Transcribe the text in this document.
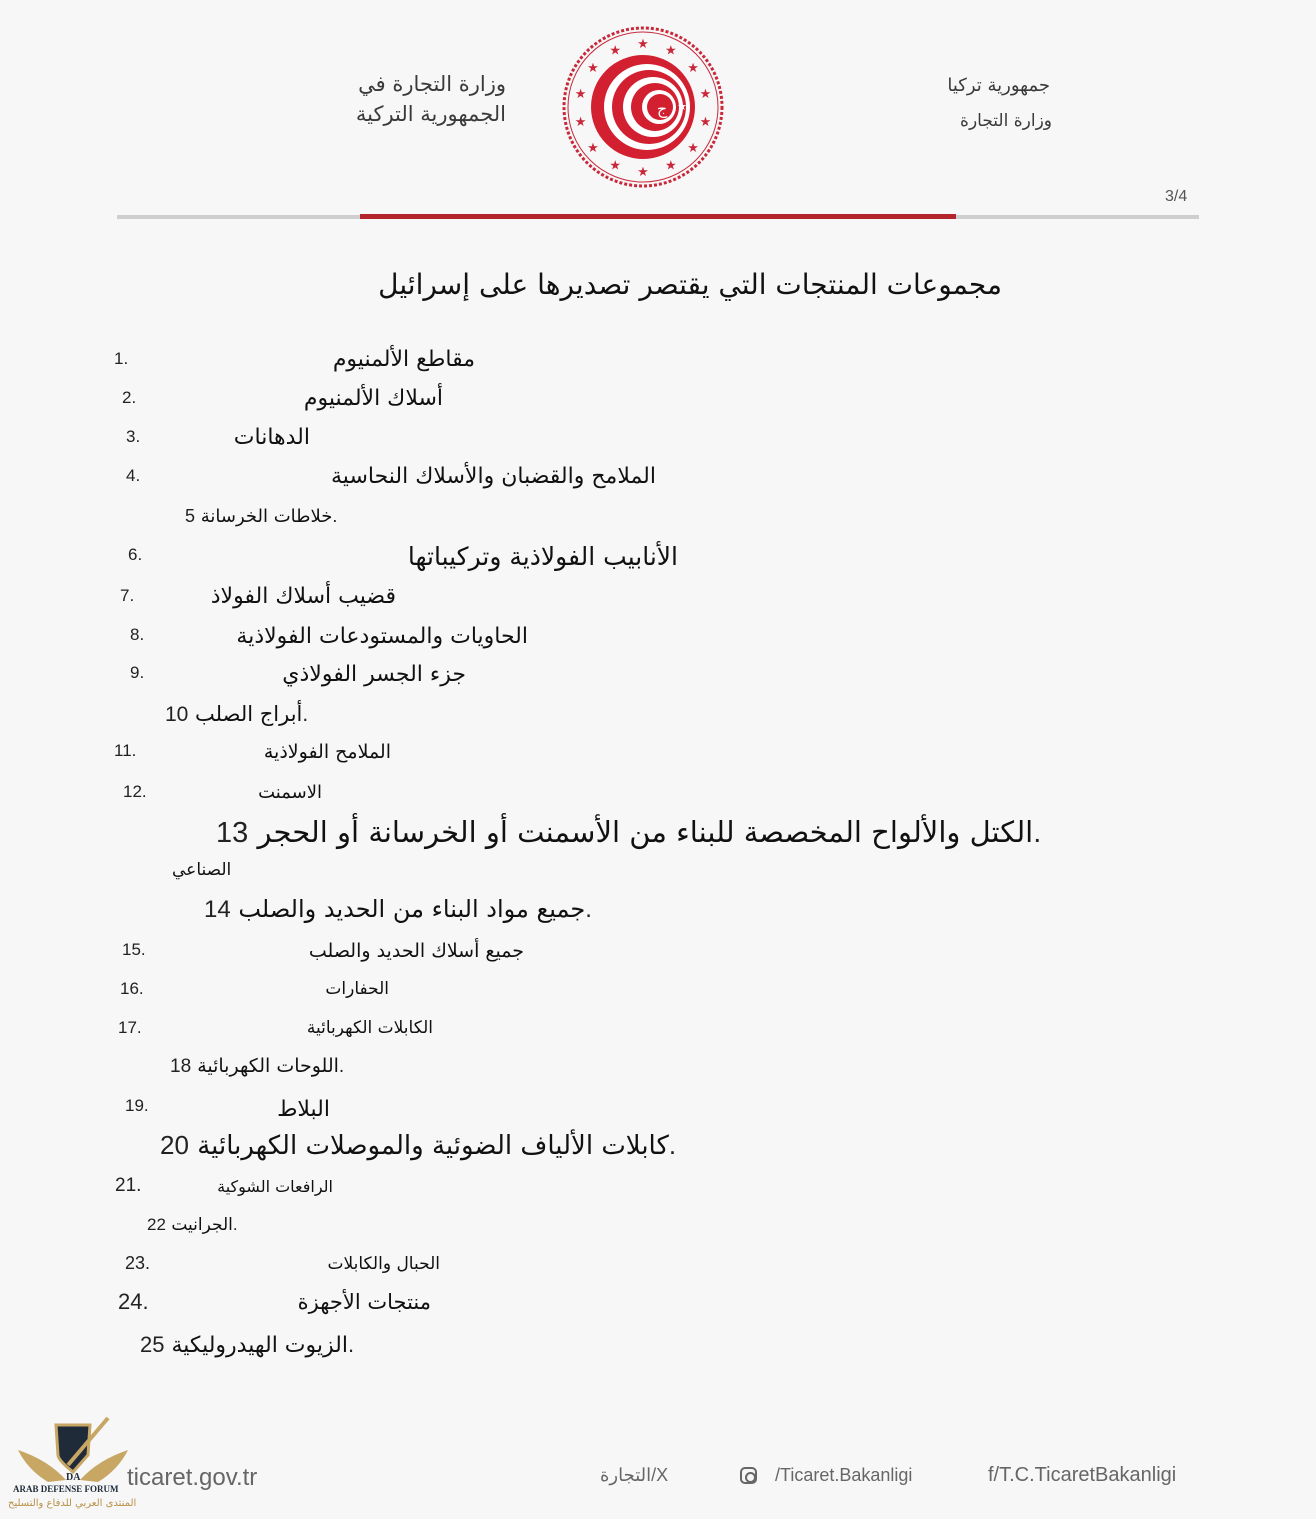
وزارة التجارة في
الجمهورية التركية
جمهورية تركيا
وزارة التجارة
★ ★
★
★
★
★
★
★
★
★
★
★
★
★
ج ★
3/4
مجموعات المنتجات التي يقتصر تصديرها على إسرائيل
1.	مقاطع الألمنيوم
2.	أسلاك الألمنيوم
3.	الدهانات
4.	الملامح والقضبان والأسلاك النحاسية
خلاطات الخرسانة 5.
6.	الأنابيب الفولاذية وتركيباتها
7.	قضيب أسلاك الفولاذ
8.	الحاويات والمستودعات الفولاذية
9.	جزء الجسر الفولاذي
أبراج الصلب 10.
11.	الملامح الفولاذية
12.	الاسمنت
الكتل والألواح المخصصة للبناء من الأسمنت أو الخرسانة أو الحجر 13.
الصناعي
جميع مواد البناء من الحديد والصلب 14.
15.	جميع أسلاك الحديد والصلب
16.	الحفارات
17.	الكابلات الكهربائية
اللوحات الكهربائية 18.
19.	البلاط
كابلات الألياف الضوئية والموصلات الكهربائية 20.
21.	الرافعات الشوكية
الجرانيت 22.
23.	الحبال والكابلات
24.	منتجات الأجهزة
الزيوت الهيدروليكية 25.
DA
ARAB DEFENSE FORUM
المنتدى العربي للدفاع والتسليح
ticaret.gov.tr	التجارة/X	/Ticaret.Bakanligi	f/T.C.TicaretBakanligi
